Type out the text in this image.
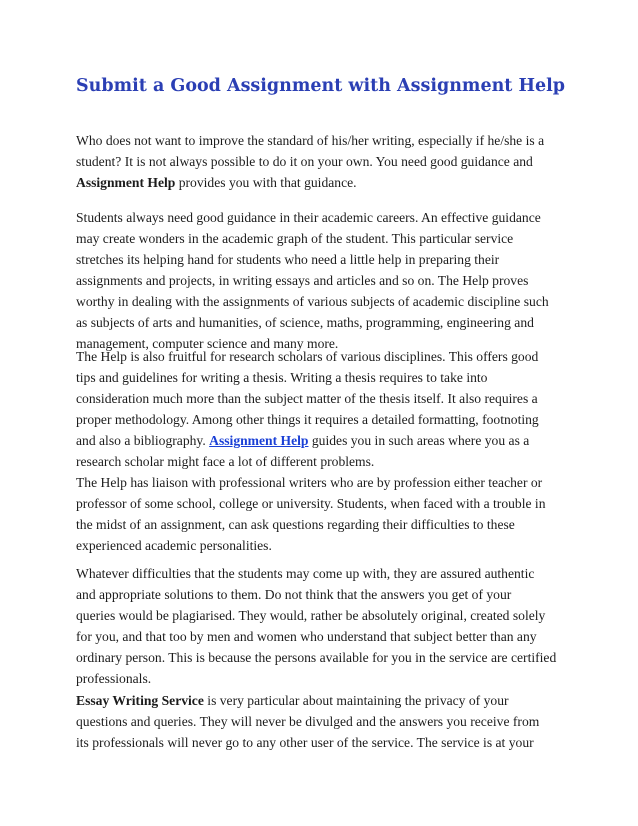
Submit a Good Assignment with Assignment Help

Who does not want to improve the standard of his/her writing, especially if he/she is a
student? It is not always possible to do it on your own. You need good guidance and
Assignment Help provides you with that guidance.

Students always need good guidance in their academic careers. An effective guidance
may create wonders in the academic graph of the student. This particular service
stretches its helping hand for students who need a little help in preparing their
assignments and projects, in writing essays and articles and so on. The Help proves
worthy in dealing with the assignments of various subjects of academic discipline such
as subjects of arts and humanities, of science, maths, programming, engineering and
management, computer science and many more.

The Help is also fruitful for research scholars of various disciplines. This offers good
tips and guidelines for writing a thesis. Writing a thesis requires to take into
consideration much more than the subject matter of the thesis itself. It also requires a
proper methodology. Among other things it requires a detailed formatting, footnoting
and also a bibliography. Assignment Help guides you in such areas where you as a
research scholar might face a lot of different problems.

The Help has liaison with professional writers who are by profession either teacher or
professor of some school, college or university. Students, when faced with a trouble in
the midst of an assignment, can ask questions regarding their difficulties to these
experienced academic personalities.

Whatever difficulties that the students may come up with, they are assured authentic
and appropriate solutions to them. Do not think that the answers you get of your
queries would be plagiarised. They would, rather be absolutely original, created solely
for you, and that too by men and women who understand that subject better than any
ordinary person. This is because the persons available for you in the service are certified
professionals.

Essay Writing Service is very particular about maintaining the privacy of your
questions and queries. They will never be divulged and the answers you receive from
its professionals will never go to any other user of the service. The service is at your
